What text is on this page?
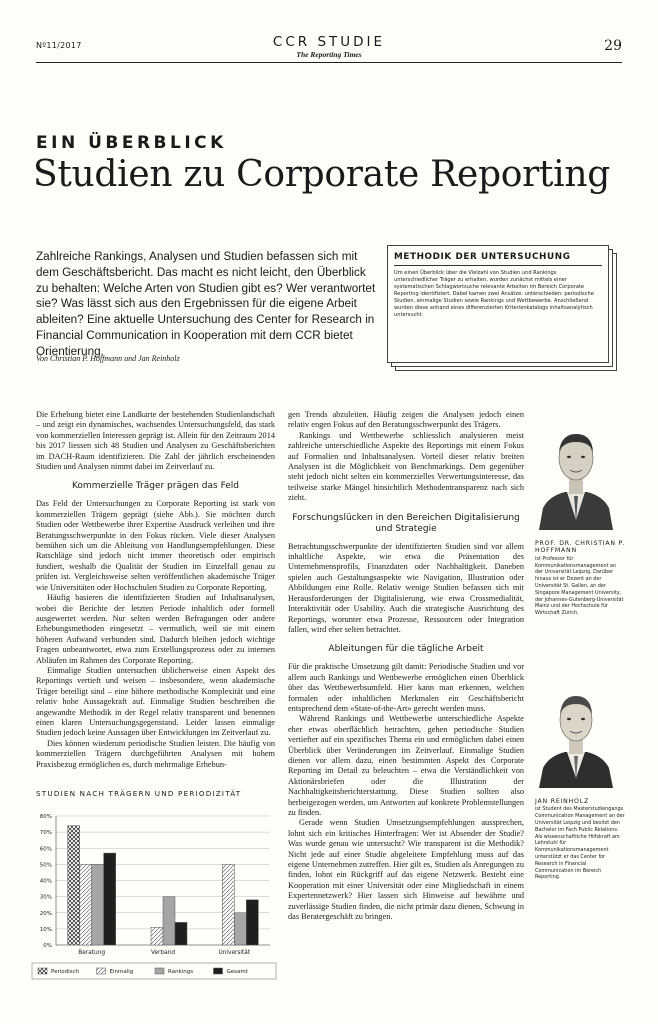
Nº11/2017	CCR STUDIE
The Reporting Times
29
EIN ÜBERBLICK
Studien zu Corporate Reporting
Zahlreiche Rankings, Analysen und Studien befassen sich mit dem Geschäftsbericht. Das macht es nicht leicht, den Überblick zu behalten: Welche Arten von Studien gibt es? Wer verantwortet sie? Was lässt sich aus den Ergebnissen für die eigene Arbeit ableiten? Eine aktuelle Untersuchung des Center for Research in Financial Communication in Kooperation mit dem CCR bietet Orientierung.
Von Christian P. Hoffmann und Jan Reinholz
METHODIK DER UNTERSUCHUNG
Um einen Überblick über die Vielzahl von Studien und Rankings unterschiedlicher Träger zu erhalten, wurden zunächst mittels einer systematischen Schlagwortsuche relevante Arbeiten im Bereich Corporate Reporting identifiziert. Dabei kamen zwei Ansätze: unterschieden: periodische Studien, einmalige Studien sowie Rankings und Wettbewerbe. Anschließend wurden diese anhand eines differenzierten Kriterienkatalogs inhaltsanalytisch untersucht.

Die Erhebung bietet eine Landkarte der bestehenden Studienlandschaft – und zeigt ein dynamisches, wachsendes Untersuchungsfeld, das stark von kommerziellen Interessen geprägt ist. Allein für den Zeitraum 2014 bis 2017 liessen sich 48 Studien und Analysen zu Geschäftsberichten im DACH-Raum identifizieren. Die Zahl der jährlich erscheinenden Studien und Analysen nimmt dabei im Zeitverlauf zu.

Kommerzielle Träger prägen das Feld

Das Feld der Untersuchungen zu Corporate Reporting ist stark von kommerziellen Trägern geprägt (siehe Abb.). Sie möchten durch Studien oder Wettbewerbe ihrer Expertise Ausdruck verleihen und ihre Beratungsschwerpunkte in den Fokus rücken. Viele dieser Analysen bemühen sich um die Ableitung von Handlungsempfehlungen. Diese Ratschläge sind jedoch nicht immer theoretisch oder empirisch fundiert, weshalb die Qualität der Studien im Einzelfall genau zu prüfen ist. Vergleichsweise selten veröffentlichen akademische Träger wie Universitäten oder Hochschulen Studien zu Corporate Reporting.

Häufig basieren die identifizierten Studien auf Inhaltsanalysen, wobei die Berichte der letzten Periode inhaltlich oder formell ausgewertet werden. Nur selten werden Befragungen oder andere Erhebungsmethoden eingesetzt – vermutlich, weil sie mit einem höheren Aufwand verbunden sind. Dadurch bleiben jedoch wichtige Fragen unbeantwortet, etwa zum Erstellungsprozess oder zu internen Abläufen im Rahmen des Corporate Reporting.

Einmalige Studien untersuchen üblicherweise einen Aspekt des Reportings vertieft und weisen – insbesondere, wenn akademische Träger beteiligt sind – eine höhere methodische Komplexität und eine relativ hohe Aussagekraft auf. Einmalige Studien beschreiben die angewandte Methodik in der Regel relativ transparent und benennen einen klaren Untersuchungsgegenstand. Leider lassen einmalige Studien jedoch keine Aussagen über Entwicklungen im Zeitverlauf zu.

Dies können wiederum periodische Studien leisten. Die häufig von kommerziellen Trägern durchgeführten Analysen mit hohem Praxisbezug ermöglichen es, durch mehrmalige Erhebun-

gen Trends abzuleiten. Häufig zeigen die Analysen jedoch einen relativ engen Fokus auf den Beratungsschwerpunkt des Trägers.

Rankings und Wettbewerbe schliesslich analysieren meist zahlreiche unterschiedliche Aspekte des Reportings mit einem Fokus auf Formalien und Inhaltsanalysen. Vorteil dieser relativ breiten Analysen ist die Möglichkeit von Benchmarkings. Dem gegenüber steht jedoch nicht selten ein kommerzielles Verwertungsinteresse, das teilweise starke Mängel hinsichtlich Methodentransparenz nach sich zieht.

Forschungslücken in den Bereichen Digitalisierung und Strategie

Betrachtungsschwerpunkte der identifizierten Studien sind vor allem inhaltliche Aspekte, wie etwa die Präsentation des Unternehmensprofils, Finanzdaten oder Nachhaltigkeit. Daneben spielen auch Gestaltungsaspekte wie Navigation, Illustration oder Abbildungen eine Rolle. Relativ wenige Studien befassen sich mit Herausforderungen der Digitalisierung, wie etwa Crossmedialität, Interaktivität oder Usability. Auch die strategische Ausrichtung des Reportings, worunter etwa Prozesse, Ressourcen oder Integration fallen, wird eher selten betrachtet.

Ableitungen für die tägliche Arbeit

Für die praktische Umsetzung gilt damit: Periodische Studien und vor allem auch Rankings und Wettbewerbe ermöglichen einen Überblick über das Wettbewerbsumfeld. Hier kann man erkennen, welchen formalen oder inhaltlichen Merkmalen ein Geschäftsbericht entsprechend dem «State-of-the-Art» gerecht werden muss.

Während Rankings und Wettbewerbe unterschiedliche Aspekte eher etwas oberflächlich betrachten, gehen periodische Studien vertiefter auf ein spezifisches Thema ein und ermöglichen dabei einen Überblick über Veränderungen im Zeitverlauf. Einmalige Studien dienen vor allem dazu, einen bestimmten Aspekt des Corporate Reporting im Detail zu beleuchten – etwa die Verständlichkeit von Aktionärsbriefen oder die Illustration der Nachhaltigkeitsberichterstattung. Diese Studien sollten also herbeigezogen werden, um Antworten auf konkrete Problemstellungen zu finden.

Gerade wenn Studien Umsetzungsempfehlungen aussprechen, lohnt sich ein kritisches Hinterfragen: Wer ist Absender der Studie? Was wurde genau wie untersucht? Wie transparent ist die Methodik? Nicht jede auf einer Studie abgeleitete Empfehlung muss auf das eigene Unternehmen zutreffen. Hier gilt es, Studien als Anregungen zu finden, lohnt ein Rückgriff auf das eigene Netzwerk. Besteht eine Kooperation mit einer Universität oder eine Mitgliedschaft in einem Expertennetzwerk? Hier lassen sich Hinweise auf bewährte und zuverlässige Studien finden, die nicht primär dazu dienen, Schwung in das Beratergeschäft zu bringen.

PROF. DR. CHRISTIAN P. HOFFMANN
ist Professor für Kommunikationsmanagement an der Universität Leipzig. Darüber hinaus ist er Dozent an der Universität St. Gallen, an der Singapore Management University, der Johannes-Gutenberg-Universität Mainz und der Hochschule für Wirtschaft Zürich.
JAN REINHOLZ
ist Student des Masterstudiengangs Communication Management an der Universität Leipzig und besitzt den Bachelor im Fach Public Relations. Als wissenschaftliche Hilfskraft am Lehrstuhl für Kommunikationsmanagement unterstützt er das Center for Research in Financial Communication im Bereich Reporting.
STUDIEN NACH TRÄGERN UND PERIODIZITÄT
80%
70%
60%
50%
40%
30%
20%
10%
0%
Beratung	Verband	Universität
Periodisch	Einmalig	Rankings	Gesamt
